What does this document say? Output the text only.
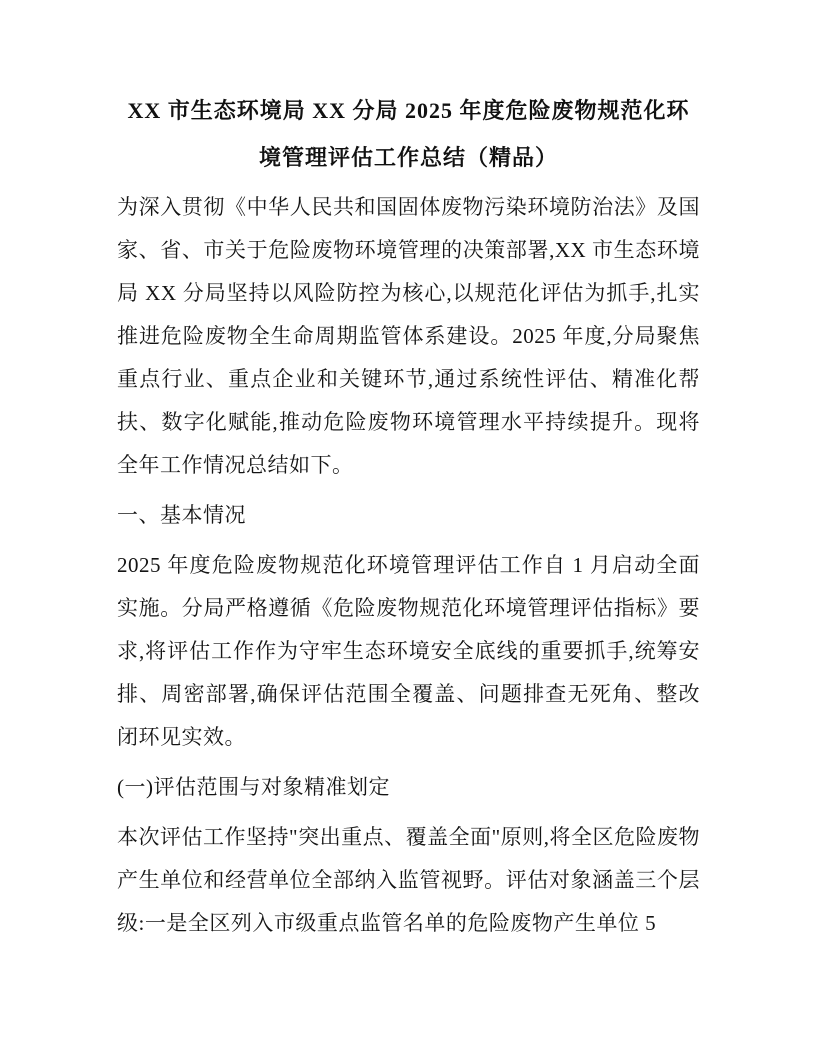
XX 市生态环境局 XX 分局 2025 年度危险废物规范化环境管理评估工作总结（精品）

为深入贯彻《中华人民共和国固体废物污染环境防治法》及国家、省、市关于危险废物环境管理的决策部署,XX 市生态环境局 XX 分局坚持以风险防控为核心,以规范化评估为抓手,扎实推进危险废物全生命周期监管体系建设。2025 年度,分局聚焦重点行业、重点企业和关键环节,通过系统性评估、精准化帮扶、数字化赋能,推动危险废物环境管理水平持续提升。现将全年工作情况总结如下。

一、基本情况

2025 年度危险废物规范化环境管理评估工作自 1 月启动全面实施。分局严格遵循《危险废物规范化环境管理评估指标》要求,将评估工作作为守牢生态环境安全底线的重要抓手,统筹安排、周密部署,确保评估范围全覆盖、问题排查无死角、整改闭环见实效。

(一)评估范围与对象精准划定

本次评估工作坚持"突出重点、覆盖全面"原则,将全区危险废物产生单位和经营单位全部纳入监管视野。评估对象涵盖三个层级:一是全区列入市级重点监管名单的危险废物产生单位 5
